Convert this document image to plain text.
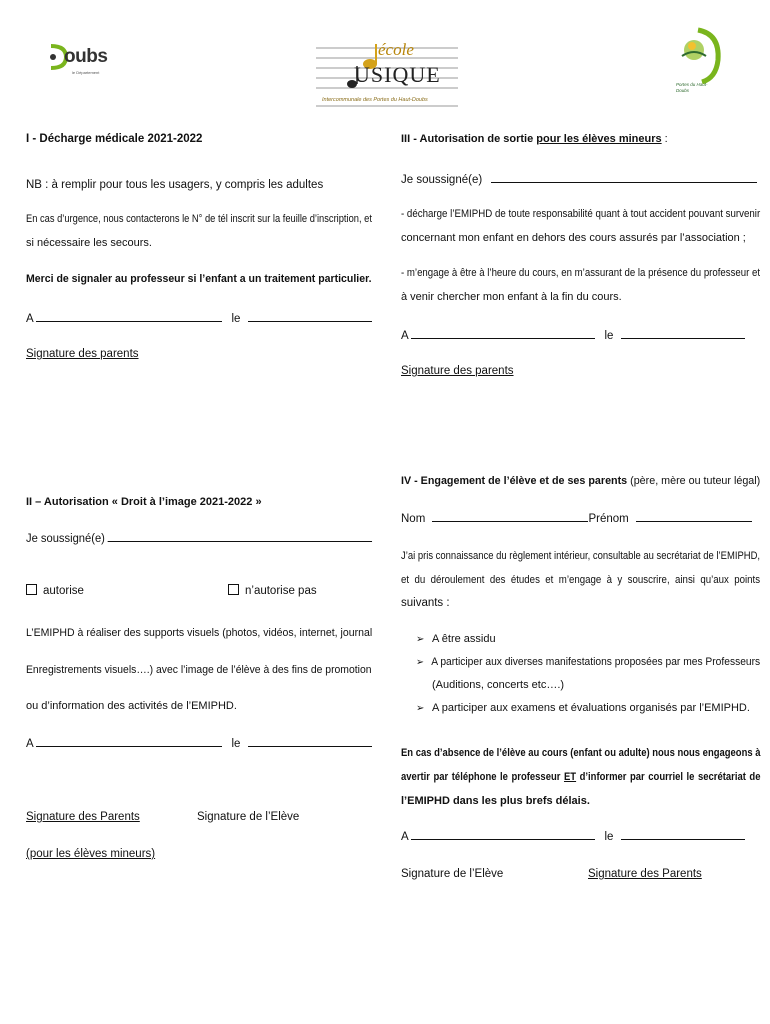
oubs
le Département
école
USIQUE
Intercommunale des Portes du Haut-Doubs
Portes du Haut-Doubs
I - Décharge médicale 2021-2022
NB : à remplir pour tous les usagers, y compris les adultes
En cas d’urgence, nous contacterons le N° de tél inscrit sur la feuille d’inscription, et
si nécessaire les secours.
Merci de signaler au professeur si l’enfant a un traitement particulier.
A	le
Signature des parents
II – Autorisation « Droit à l’image 2021-2022 »
Je soussigné(e)
autorise	n’autorise pas
L’EMIPHD à réaliser des supports visuels (photos, vidéos, internet, journal
Enregistrements visuels….) avec l’image de l’élève à des fins de promotion
ou d’information des activités de l’EMIPHD.
A	le
Signature des Parents	Signature de l’Elève
(pour les élèves mineurs)
III - Autorisation de sortie pour les élèves mineurs :
Je soussigné(e)
- décharge l’EMIPHD de toute responsabilité quant à tout accident pouvant survenir
concernant mon enfant en dehors des cours assurés par l’association ;
- m’engage à être à l’heure du cours, en m’assurant de la présence du professeur et
à venir chercher mon enfant à la fin du cours.
A	le
Signature des parents
IV - Engagement de l’élève et de ses parents (père, mère ou tuteur légal)
Nom	Prénom
J’ai pris connaissance du règlement intérieur, consultable au secrétariat de l’EMIPHD,
et du déroulement des études et m’engage à y souscrire, ainsi qu’aux points
suivants :
➢ A être assidu
➢ A participer aux diverses manifestations proposées par mes Professeurs
(Auditions, concerts etc….)
➢ A participer aux examens et évaluations organisés par l’EMIPHD.
En cas d’absence de l’élève au cours (enfant ou adulte) nous nous engageons à
avertir par téléphone le professeur ET d’informer par courriel le secrétariat de
l’EMIPHD dans les plus brefs délais.
A	le
Signature de l’Elève	Signature des Parents
